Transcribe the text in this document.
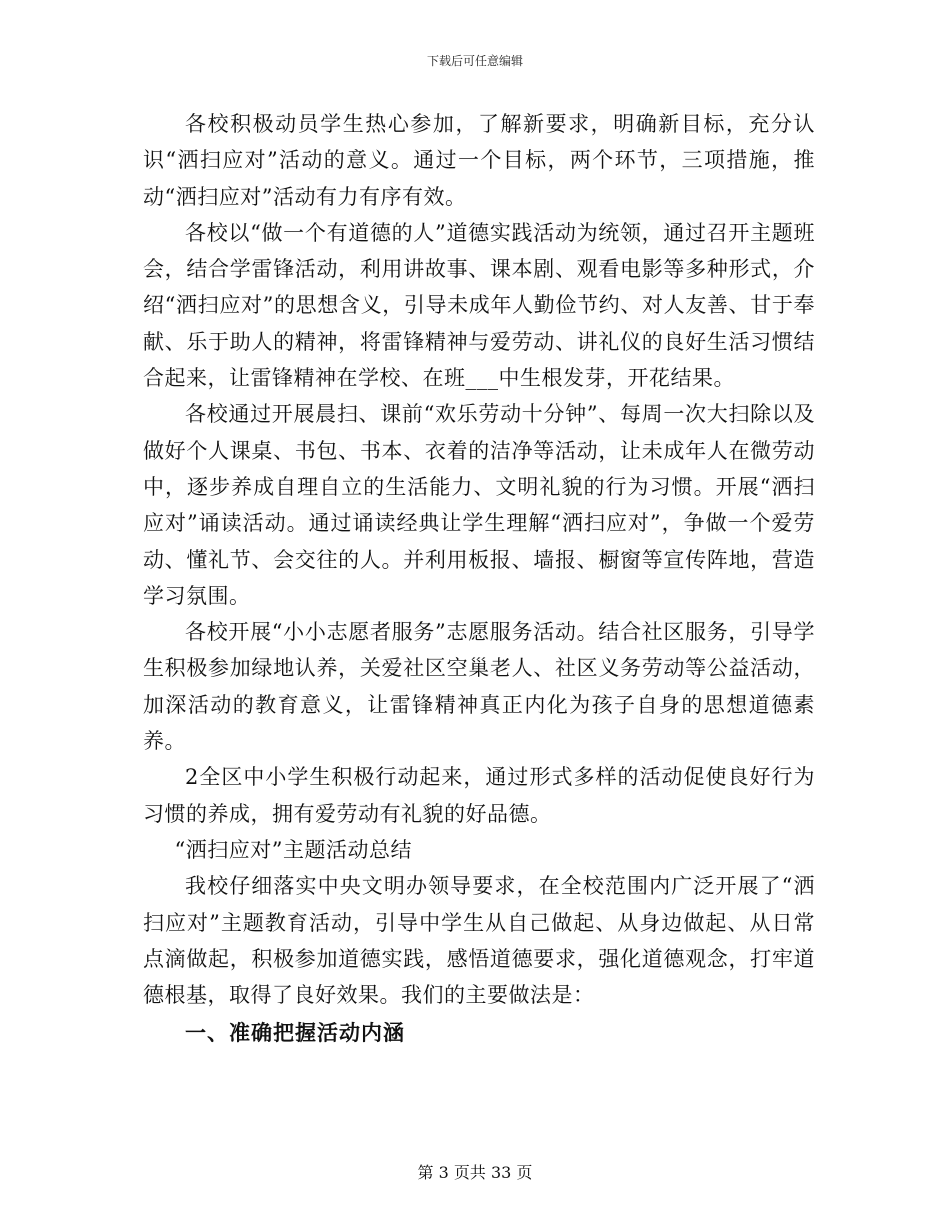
下载后可任意编辑

各校积极动员学生热心参加，了解新要求，明确新目标，充分认识“洒扫应对”活动的意义。通过一个目标，两个环节，三项措施，推动“洒扫应对”活动有力有序有效。

各校以“做一个有道德的人”道德实践活动为统领，通过召开主题班会，结合学雷锋活动，利用讲故事、课本剧、观看电影等多种形式，介绍“洒扫应对”的思想含义，引导未成年人勤俭节约、对人友善、甘于奉献、乐于助人的精神，将雷锋精神与爱劳动、讲礼仪的良好生活习惯结合起来，让雷锋精神在学校、在班___中生根发芽，开花结果。

各校通过开展晨扫、课前“欢乐劳动十分钟”、每周一次大扫除以及做好个人课桌、书包、书本、衣着的洁净等活动，让未成年人在微劳动中，逐步养成自理自立的生活能力、文明礼貌的行为习惯。开展“洒扫应对”诵读活动。通过诵读经典让学生理解“洒扫应对”，争做一个爱劳动、懂礼节、会交往的人。并利用板报、墙报、橱窗等宣传阵地，营造学习氛围。

各校开展“小小志愿者服务”志愿服务活动。结合社区服务，引导学生积极参加绿地认养，关爱社区空巢老人、社区义务劳动等公益活动，加深活动的教育意义，让雷锋精神真正内化为孩子自身的思想道德素养。

2全区中小学生积极行动起来，通过形式多样的活动促使良好行为习惯的养成，拥有爱劳动有礼貌的好品德。

“洒扫应对”主题活动总结

我校仔细落实中央文明办领导要求，在全校范围内广泛开展了“洒扫应对”主题教育活动，引导中学生从自己做起、从身边做起、从日常点滴做起，积极参加道德实践，感悟道德要求，强化道德观念，打牢道德根基，取得了良好效果。我们的主要做法是：

一、准确把握活动内涵
第 3 页共 33 页
